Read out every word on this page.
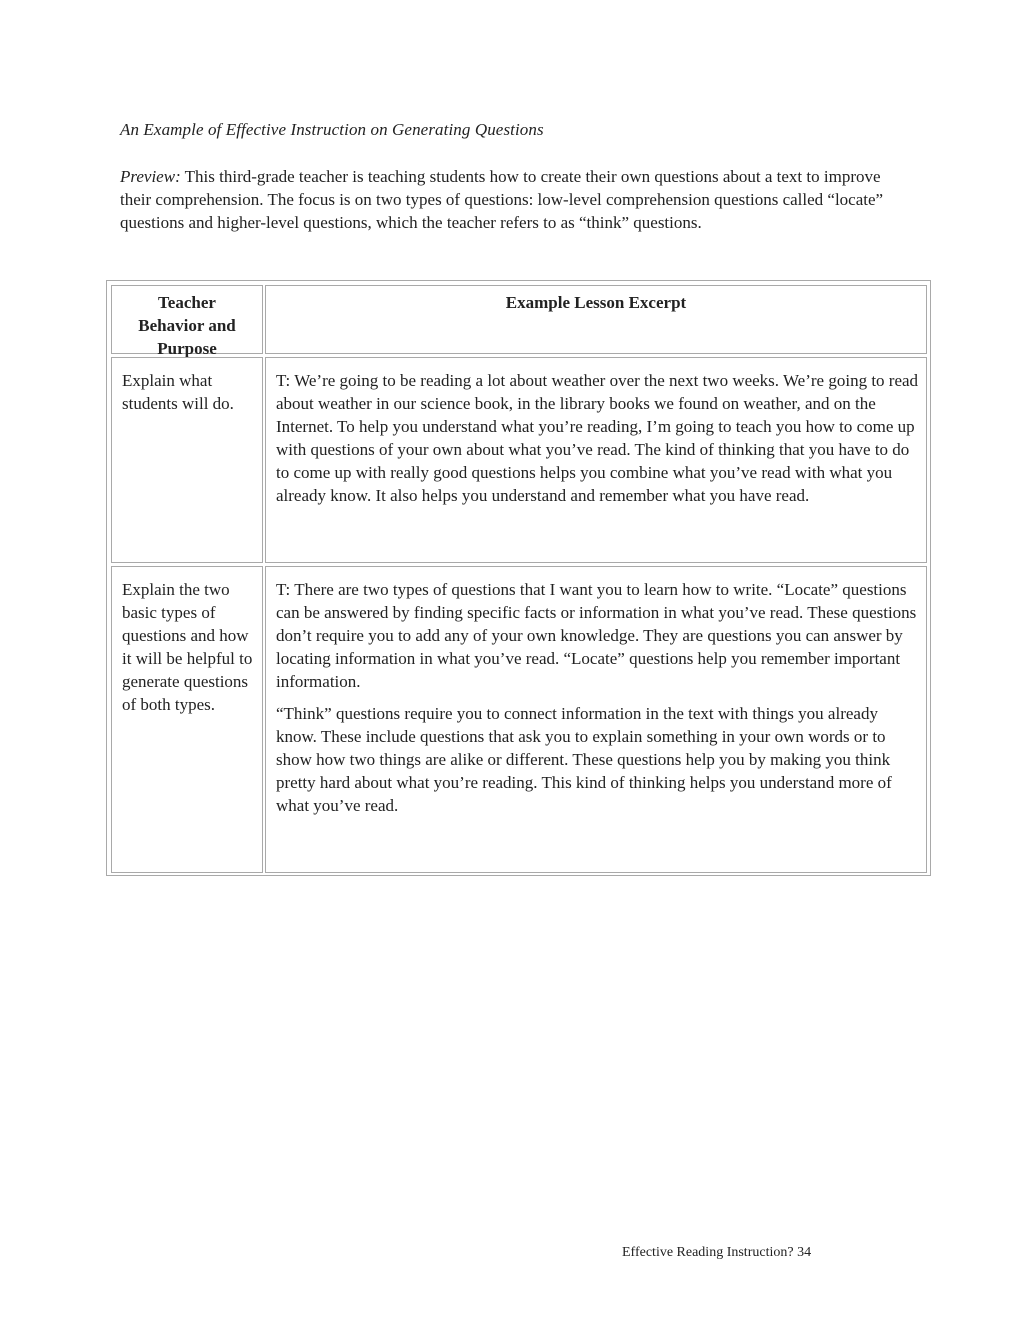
An Example of Effective Instruction on Generating Questions
Preview: This third-grade teacher is teaching students how to create their own questions about a text to improve their comprehension. The focus is on two types of questions: low-level comprehension questions called “locate” questions and higher-level questions, which the teacher refers to as “think” questions.
Teacher Behavior and Purpose
Example Lesson Excerpt

Explain what students will do.

T: We’re going to be reading a lot about weather over the next two weeks. We’re going to read about weather in our science book, in the library books we found on weather, and on the Internet. To help you understand what you’re reading, I’m going to teach you how to come up with questions of your own about what you’ve read. The kind of thinking that you have to do to come up with really good questions helps you combine what you’ve read with what you already know. It also helps you understand and remember what you have read.

Explain the two basic types of questions and how it will be helpful to generate questions of both types.

T: There are two types of questions that I want you to learn how to write. “Locate” questions can be answered by finding specific facts or information in what you’ve read. These questions don’t require you to add any of your own knowledge. They are questions you can answer by locating information in what you’ve read. “Locate” questions help you remember important information.

“Think” questions require you to connect information in the text with things you already know. These include questions that ask you to explain something in your own words or to show how two things are alike or different. These questions help you by making you think pretty hard about what you’re reading. This kind of thinking helps you understand more of what you’ve read.

Effective Reading Instruction? 34
